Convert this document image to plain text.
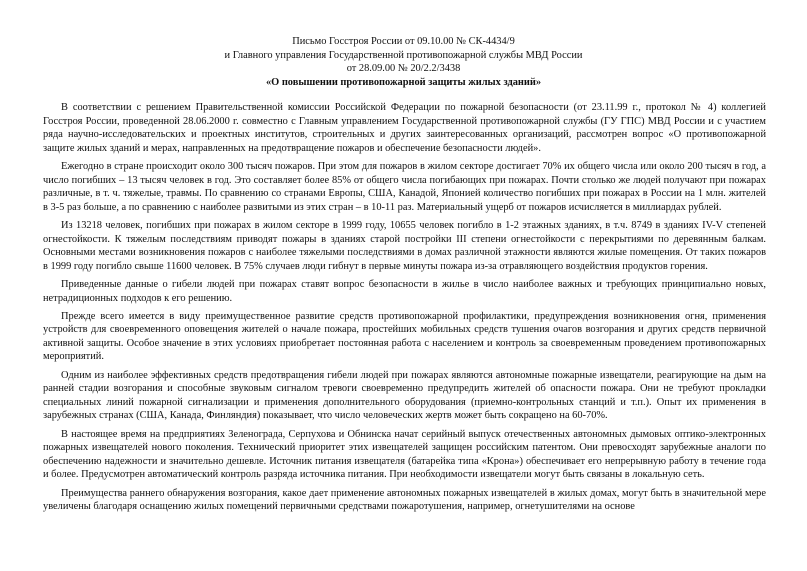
Письмо Госстроя России от 09.10.00 № СК-4434/9
и Главного управления Государственной противопожарной службы МВД России
от 28.09.00 № 20/2.2/3438
«О повышении противопожарной защиты жилых зданий»

В соответствии с решением Правительственной комиссии Российской Федерации по пожарной безопасности (от 23.11.99 г., протокол № 4) коллегией Госстроя России, проведенной 28.06.2000 г. совместно с Главным управлением Государственной противопожарной службы (ГУ ГПС) МВД России и с участием ряда научно-исследовательских и проектных институтов, строительных и других заинтересованных организаций, рассмотрен вопрос «О противопожарной защите жилых зданий и мерах, направленных на предотвращение пожаров и обеспечение безопасности людей».

Ежегодно в стране происходит около 300 тысяч пожаров. При этом для пожаров в жилом секторе достигает 70% их общего числа или около 200 тысяч в год, а число погибших – 13 тысяч человек в год. Это составляет более 85% от общего числа погибающих при пожарах. Почти столько же людей получают при пожарах различные, в т. ч. тяжелые, травмы. По сравнению со странами Европы, США, Канадой, Японией количество погибших при пожарах в России на 1 млн. жителей в 3-5 раз больше, а по сравнению с наиболее развитыми из этих стран – в 10-11 раз. Материальный ущерб от пожаров исчисляется в миллиардах рублей.

Из 13218 человек, погибших при пожарах в жилом секторе в 1999 году, 10655 человек погибло в 1-2 этажных зданиях, в т.ч. 8749 в зданиях IV-V степеней огнестойкости. К тяжелым последствиям приводят пожары в зданиях старой постройки III степени огнестойкости с перекрытиями по деревянным балкам. Основными местами возникновения пожаров с наиболее тяжелыми последствиями в домах различной этажности являются жилые помещения. От таких пожаров в 1999 году погибло свыше 11600 человек. В 75% случаев люди гибнут в первые минуты пожара из-за отравляющего воздействия продуктов горения.

Приведенные данные о гибели людей при пожарах ставят вопрос безопасности в жилье в число наиболее важных и требующих принципиально новых, нетрадиционных подходов к его решению.

Прежде всего имеется в виду преимущественное развитие средств противопожарной профилактики, предупреждения возникновения огня, применения устройств для своевременного оповещения жителей о начале пожара, простейших мобильных средств тушения очагов возгорания и других средств первичной активной защиты. Особое значение в этих условиях приобретает постоянная работа с населением и контроль за своевременным проведением противопожарных мероприятий.

Одним из наиболее эффективных средств предотвращения гибели людей при пожарах являются автономные пожарные извещатели, реагирующие на дым на ранней стадии возгорания и способные звуковым сигналом тревоги своевременно предупредить жителей об опасности пожара. Они не требуют прокладки специальных линий пожарной сигнализации и применения дополнительного оборудования (приемно-контрольных станций и т.п.). Опыт их применения в зарубежных странах (США, Канада, Финляндия) показывает, что число человеческих жертв может быть сокращено на 60-70%.

В настоящее время на предприятиях Зеленограда, Серпухова и Обнинска начат серийный выпуск отечественных автономных дымовых оптико-электронных пожарных извещателей нового поколения. Технический приоритет этих извещателей защищен российским патентом. Они превосходят зарубежные аналоги по обеспечению надежности и значительно дешевле. Источник питания извещателя (батарейка типа «Крона») обеспечивает его непрерывную работу в течение года и более. Предусмотрен автоматический контроль разряда источника питания. При необходимости извещатели могут быть связаны в локальную сеть.

Преимущества раннего обнаружения возгорания, какое дает применение автономных пожарных извещателей в жилых домах, могут быть в значительной мере увеличены благодаря оснащению жилых помещений первичными средствами пожаротушения, например, огнетушителями на основе
